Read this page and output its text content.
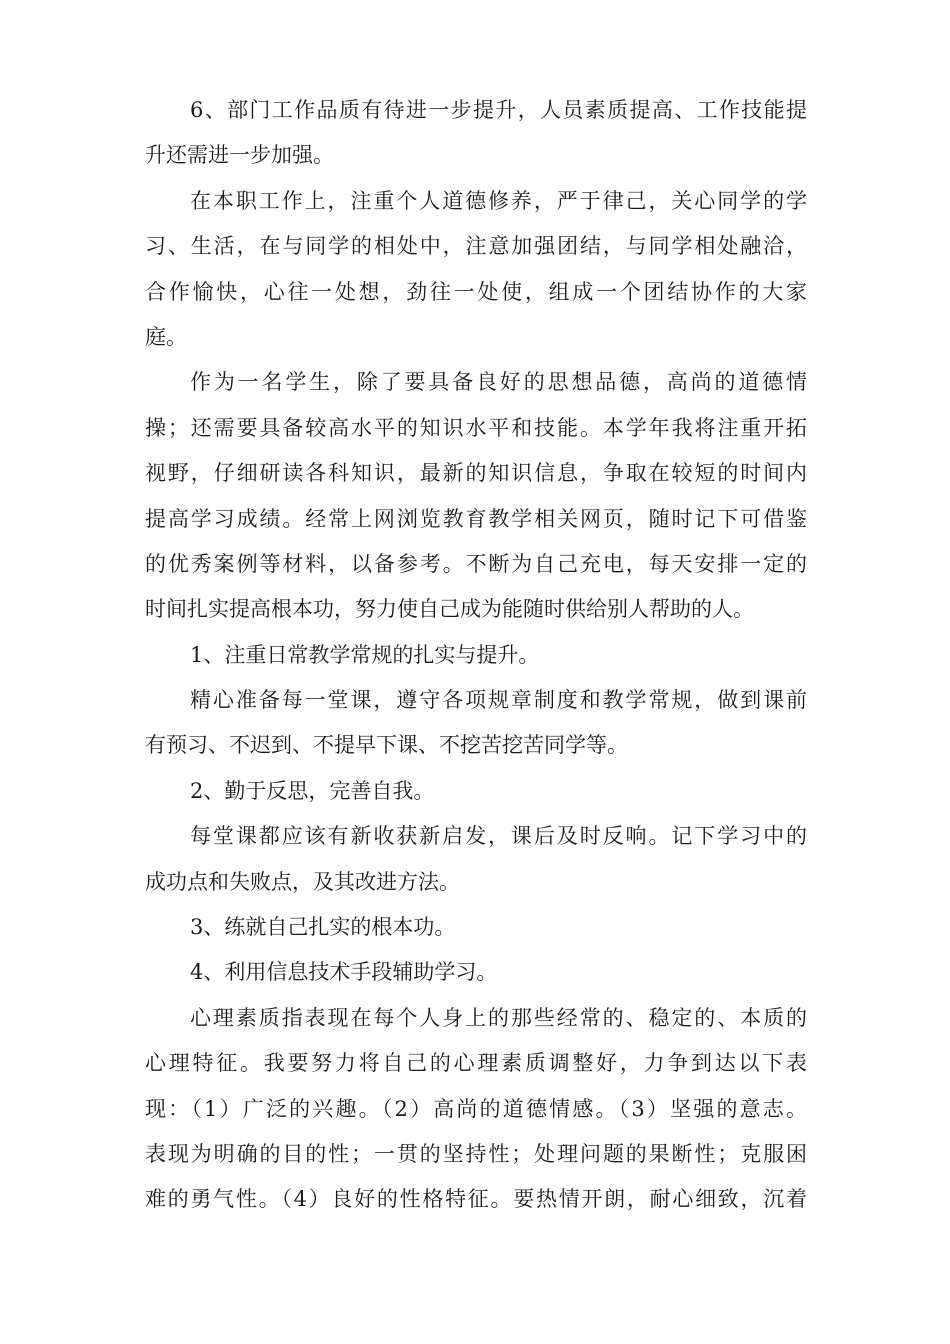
6、部门工作品质有待进一步提升，人员素质提高、工作技能提
升还需进一步加强。
在本职工作上，注重个人道德修养，严于律己，关心同学的学
习、生活，在与同学的相处中，注意加强团结，与同学相处融洽，
合作愉快，心往一处想，劲往一处使，组成一个团结协作的大家
庭。
作为一名学生，除了要具备良好的思想品德，高尚的道德情
操；还需要具备较高水平的知识水平和技能。本学年我将注重开拓
视野，仔细研读各科知识，最新的知识信息，争取在较短的时间内
提高学习成绩。经常上网浏览教育教学相关网页，随时记下可借鉴
的优秀案例等材料，以备参考。不断为自己充电，每天安排一定的
时间扎实提高根本功，努力使自己成为能随时供给别人帮助的人。
1、注重日常教学常规的扎实与提升。
精心准备每一堂课，遵守各项规章制度和教学常规，做到课前
有预习、不迟到、不提早下课、不挖苦挖苦同学等。
2、勤于反思，完善自我。
每堂课都应该有新收获新启发，课后及时反响。记下学习中的
成功点和失败点，及其改进方法。
3、练就自己扎实的根本功。
4、利用信息技术手段辅助学习。
心理素质指表现在每个人身上的那些经常的、稳定的、本质的
心理特征。我要努力将自己的心理素质调整好，力争到达以下表
现：（1）广泛的兴趣。（2）高尚的道德情感。（3）坚强的意志。
表现为明确的目的性；一贯的坚持性；处理问题的果断性；克服困
难的勇气性。（4）良好的性格特征。要热情开朗，耐心细致，沉着
